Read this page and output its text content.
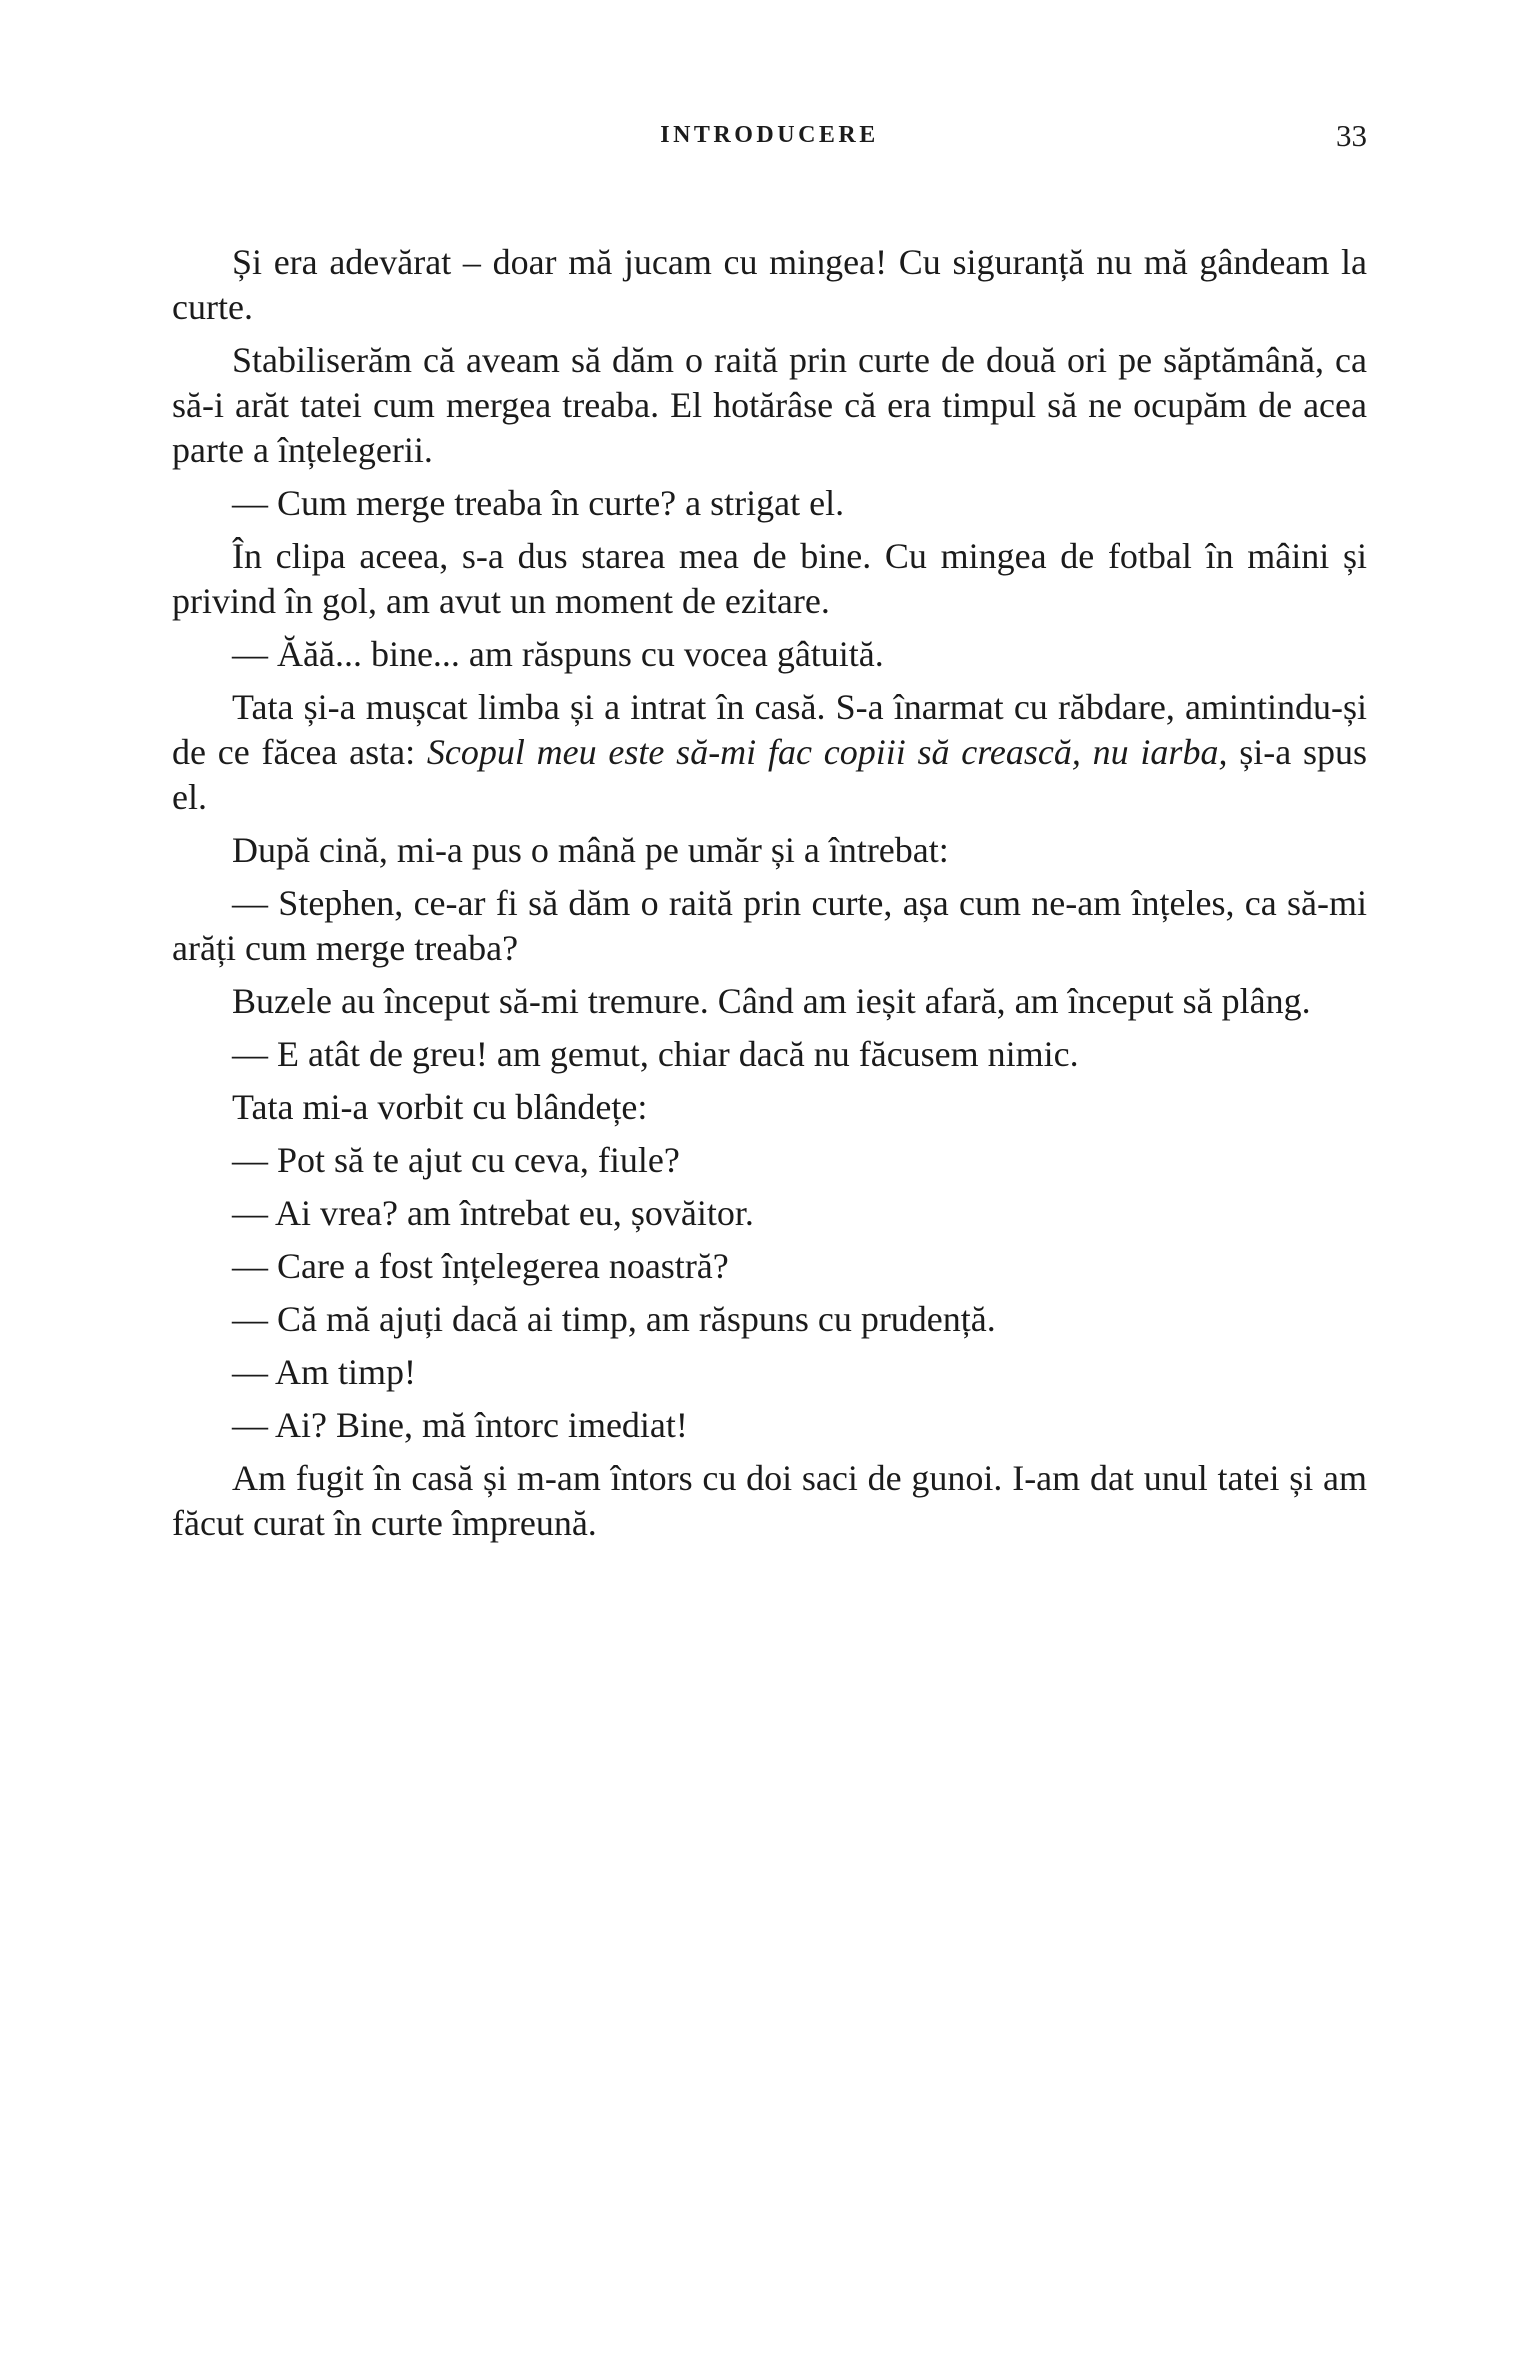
INTRODUCERE	33

Și era adevărat – doar mă jucam cu mingea! Cu siguranță nu mă gândeam la curte.

Stabiliserăm că aveam să dăm o raită prin curte de două ori pe săptămână, ca să-i arăt tatei cum mergea treaba. El hotărâse că era timpul să ne ocupăm de acea parte a înțelegerii.

— Cum merge treaba în curte? a strigat el.

În clipa aceea, s-a dus starea mea de bine. Cu mingea de fotbal în mâini și privind în gol, am avut un moment de ezitare.

— Ăăă... bine... am răspuns cu vocea gâtuită.

Tata și-a mușcat limba și a intrat în casă. S-a înarmat cu răbdare, amintindu-și de ce făcea asta: Scopul meu este să-mi fac copiii să crească, nu iarba, și-a spus el.

După cină, mi-a pus o mână pe umăr și a întrebat:

— Stephen, ce-ar fi să dăm o raită prin curte, așa cum ne-am înțeles, ca să-mi arăți cum merge treaba?

Buzele au început să-mi tremure. Când am ieșit afară, am început să plâng.

— E atât de greu! am gemut, chiar dacă nu făcusem nimic.

Tata mi-a vorbit cu blândețe:

— Pot să te ajut cu ceva, fiule?

— Ai vrea? am întrebat eu, șovăitor.

— Care a fost înțelegerea noastră?

— Că mă ajuți dacă ai timp, am răspuns cu prudență.

— Am timp!

— Ai? Bine, mă întorc imediat!

Am fugit în casă și m-am întors cu doi saci de gunoi. I-am dat unul tatei și am făcut curat în curte împreună.
